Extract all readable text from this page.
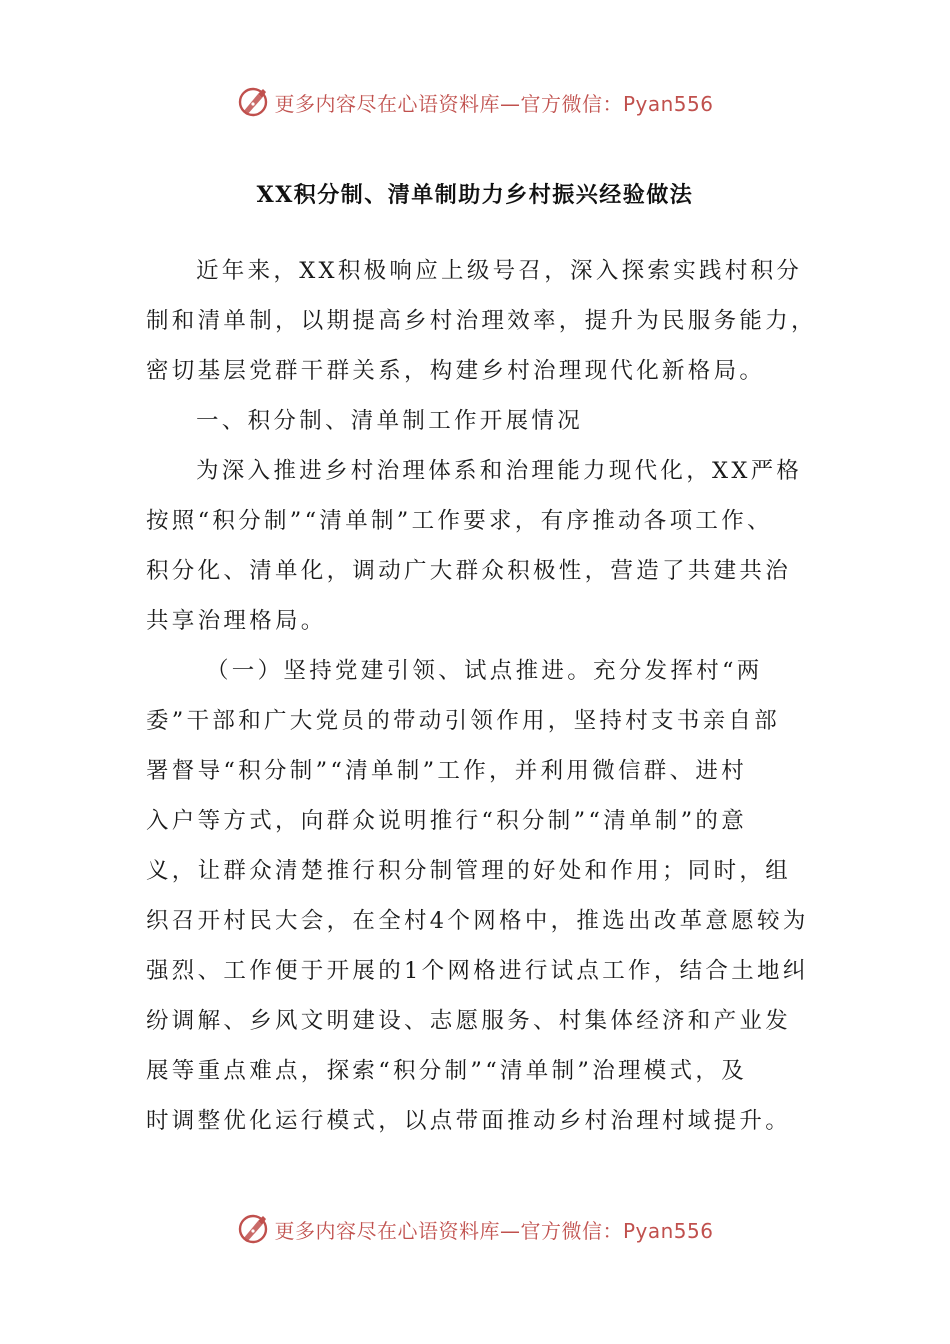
更多内容尽在心语资料库—官方微信：Pyan556
XX积分制、清单制助力乡村振兴经验做法
近年来，XX积极响应上级号召，深入探索实践村积分
制和清单制，以期提高乡村治理效率，提升为民服务能力，
密切基层党群干群关系，构建乡村治理现代化新格局。
一、积分制、清单制工作开展情况
为深入推进乡村治理体系和治理能力现代化，XX严格
按照“积分制”“清单制”工作要求，有序推动各项工作、
积分化、清单化，调动广大群众积极性，营造了共建共治
共享治理格局。
（一）坚持党建引领、试点推进。充分发挥村“两
委”干部和广大党员的带动引领作用，坚持村支书亲自部
署督导“积分制”“清单制”工作，并利用微信群、进村
入户等方式，向群众说明推行“积分制”“清单制”的意
义，让群众清楚推行积分制管理的好处和作用；同时，组
织召开村民大会，在全村4个网格中，推选出改革意愿较为
强烈、工作便于开展的1个网格进行试点工作，结合土地纠
纷调解、乡风文明建设、志愿服务、村集体经济和产业发
展等重点难点，探索“积分制”“清单制”治理模式，及
时调整优化运行模式，以点带面推动乡村治理村域提升。
更多内容尽在心语资料库—官方微信：Pyan556
